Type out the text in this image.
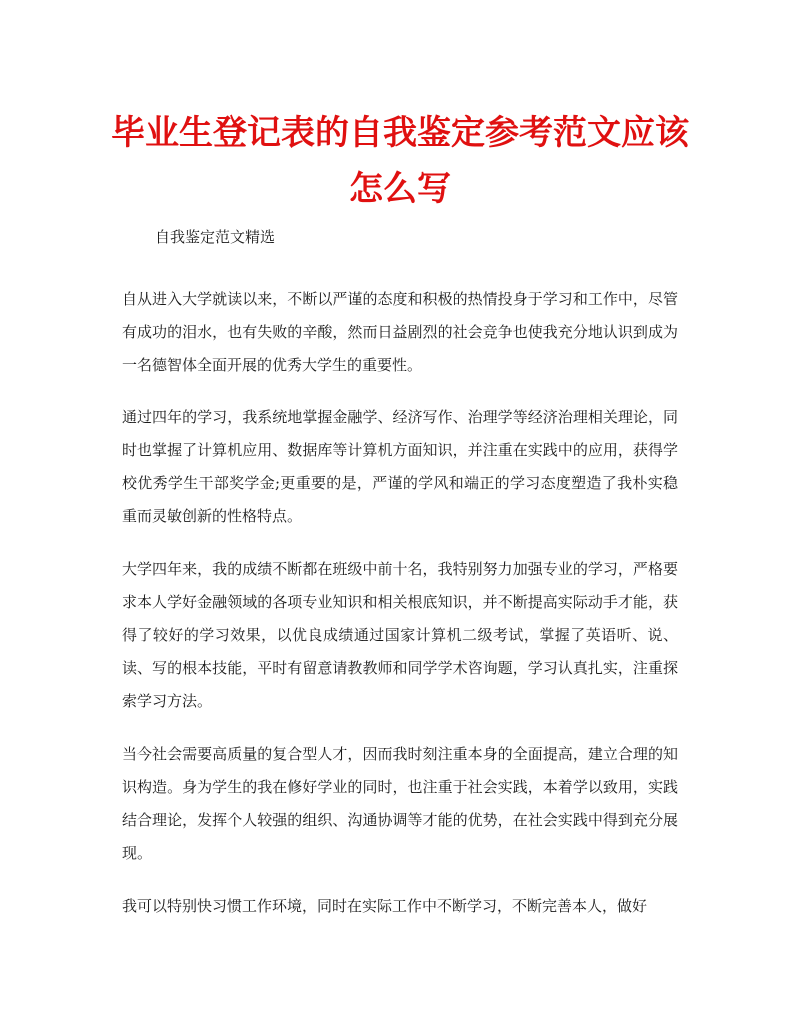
毕业生登记表的自我鉴定参考范文应该怎么写
自我鉴定范文精选
自从进入大学就读以来，不断以严谨的态度和积极的热情投身于学习和工作中，尽管有成功的泪水，也有失败的辛酸，然而日益剧烈的社会竞争也使我充分地认识到成为一名德智体全面开展的优秀大学生的重要性。
通过四年的学习，我系统地掌握金融学、经济写作、治理学等经济治理相关理论，同时也掌握了计算机应用、数据库等计算机方面知识，并注重在实践中的应用，获得学校优秀学生干部奖学金;更重要的是，严谨的学风和端正的学习态度塑造了我朴实稳重而灵敏创新的性格特点。
大学四年来，我的成绩不断都在班级中前十名，我特别努力加强专业的学习，严格要求本人学好金融领域的各项专业知识和相关根底知识，并不断提高实际动手才能，获得了较好的学习效果，以优良成绩通过国家计算机二级考试，掌握了英语听、说、读、写的根本技能，平时有留意请教教师和同学学术咨询题，学习认真扎实，注重探索学习方法。
当今社会需要高质量的复合型人才，因而我时刻注重本身的全面提高，建立合理的知识构造。身为学生的我在修好学业的同时，也注重于社会实践，本着学以致用，实践结合理论，发挥个人较强的组织、沟通协调等才能的优势，在社会实践中得到充分展现。
我可以特别快习惯工作环境，同时在实际工作中不断学习，不断完善本人，做好
